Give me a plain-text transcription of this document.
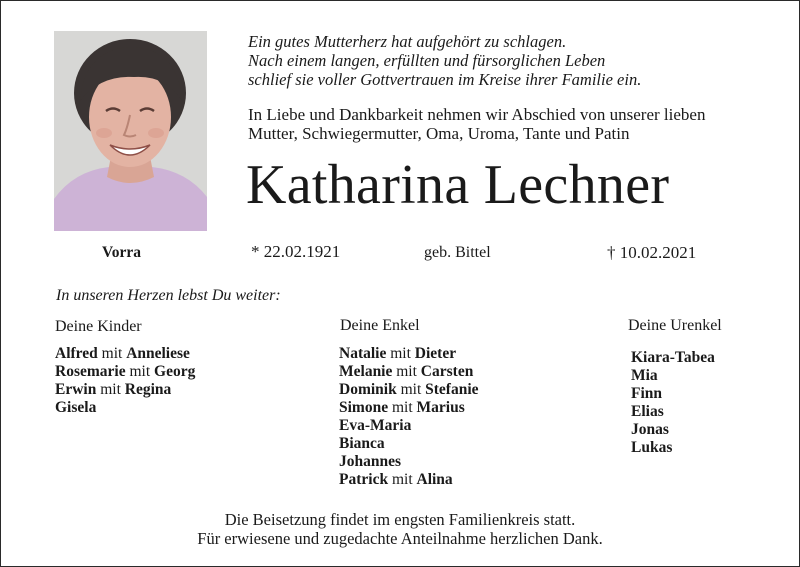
Ein gutes Mutterherz hat aufgehört zu schlagen.
Nach einem langen, erfüllten und fürsorglichen Leben
schlief sie voller Gottvertrauen im Kreise ihrer Familie ein.
In Liebe und Dankbarkeit nehmen wir Abschied von unserer lieben
Mutter, Schwiegermutter, Oma, Uroma, Tante und Patin
Katharina Lechner
Vorra	* 22.02.1921	geb. Bittel	† 10.02.2021
In unseren Herzen lebst Du weiter:
Deine Kinder
Alfred mit Anneliese
Rosemarie mit Georg
Erwin mit Regina
Gisela
Deine Enkel
Natalie mit Dieter
Melanie mit Carsten
Dominik mit Stefanie
Simone mit Marius
Eva-Maria
Bianca
Johannes
Patrick mit Alina
Deine Urenkel
Kiara-Tabea
Mia
Finn
Elias
Jonas
Lukas
Die Beisetzung findet im engsten Familienkreis statt.
Für erwiesene und zugedachte Anteilnahme herzlichen Dank.
